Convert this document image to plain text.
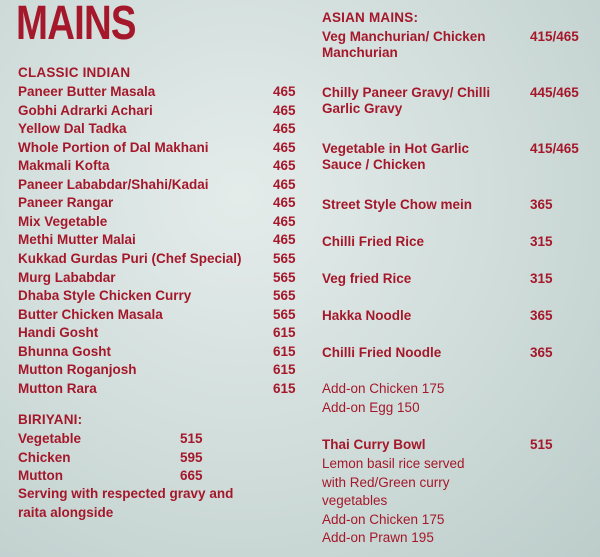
MAINS
CLASSIC INDIAN
Paneer Butter Masala	465
Gobhi Adrarki Achari	465
Yellow Dal Tadka	465
Whole Portion of Dal Makhani	465
Makmali Kofta	465
Paneer Lababdar/Shahi/Kadai	465
Paneer Rangar	465
Mix Vegetable	465
Methi Mutter Malai	465
Kukkad Gurdas Puri (Chef Special) 565
Murg Lababdar	565
Dhaba Style Chicken Curry	565
Butter Chicken Masala	565
Handi Gosht	615
Bhunna Gosht	615
Mutton Roganjosh	615
Mutton Rara	615
BIRIYANI:
Vegetable	515
Chicken	595
Mutton	665
Serving with respected gravy and
raita alongside
ASIAN MAINS:
Veg Manchurian/ Chicken
Manchurian
415/465
Chilly Paneer Gravy/ Chilli
Garlic Gravy
445/465
Vegetable in Hot Garlic
Sauce / Chicken
415/465
Street Style Chow mein	365
Chilli Fried Rice	315
Veg fried Rice	315
Hakka Noodle	365
Chilli Fried Noodle	365
Add-on Chicken 175
Add-on Egg 150
Thai Curry Bowl	515
Lemon basil rice served
with Red/Green curry
vegetables
Add-on Chicken 175
Add-on Prawn 195
